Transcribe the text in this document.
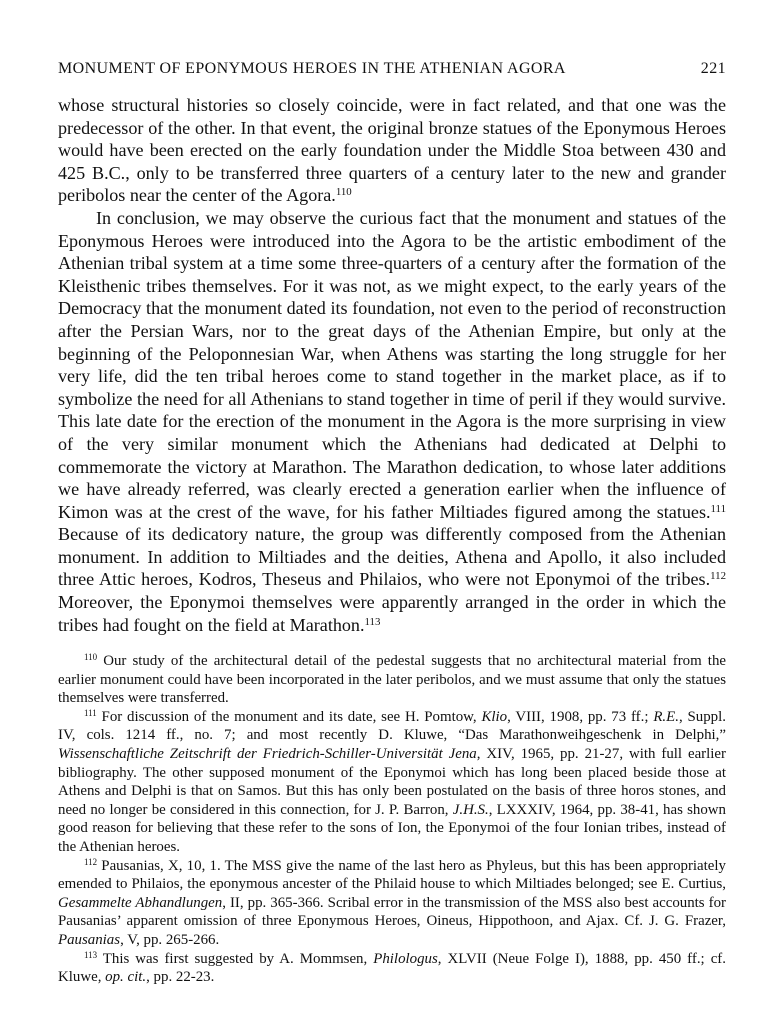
MONUMENT OF EPONYMOUS HEROES IN THE ATHENIAN AGORA	221

whose structural histories so closely coincide, were in fact related, and that one was the predecessor of the other. In that event, the original bronze statues of the Eponymous Heroes would have been erected on the early foundation under the Middle Stoa between 430 and 425 B.C., only to be transferred three quarters of a century later to the new and grander peribolos near the center of the Agora.$^{110}$

In conclusion, we may observe the curious fact that the monument and statues of the Eponymous Heroes were introduced into the Agora to be the artistic embodiment of the Athenian tribal system at a time some three-quarters of a century after the formation of the Kleisthenic tribes themselves. For it was not, as we might expect, to the early years of the Democracy that the monument dated its foundation, not even to the period of reconstruction after the Persian Wars, nor to the great days of the Athenian Empire, but only at the beginning of the Peloponnesian War, when Athens was starting the long struggle for her very life, did the ten tribal heroes come to stand together in the market place, as if to symbolize the need for all Athenians to stand together in time of peril if they would survive. This late date for the erection of the monument in the Agora is the more surprising in view of the very similar monument which the Athenians had dedicated at Delphi to commemorate the victory at Marathon. The Marathon dedication, to whose later additions we have already referred, was clearly erected a generation earlier when the influence of Kimon was at the crest of the wave, for his father Miltiades figured among the statues.$^{111}$ Because of its dedicatory nature, the group was differently composed from the Athenian monument. In addition to Miltiades and the deities, Athena and Apollo, it also included three Attic heroes, Kodros, Theseus and Philaios, who were not Eponymoi of the tribes.$^{112}$ Moreover, the Eponymoi themselves were apparently arranged in the order in which the tribes had fought on the field at Marathon.$^{113}$

$^{110}$ Our study of the architectural detail of the pedestal suggests that no architectural material from the earlier monument could have been incorporated in the later peribolos, and we must assume that only the statues themselves were transferred.

$^{111}$ For discussion of the monument and its date, see H. Pomtow, Klio, VIII, 1908, pp. 73 ff.; R.E., Suppl. IV, cols. 1214 ff., no. 7; and most recently D. Kluwe, “Das Marathonweihgeschenk in Delphi,” Wissenschaftliche Zeitschrift der Friedrich-Schiller-Universität Jena, XIV, 1965, pp. 21-27, with full earlier bibliography. The other supposed monument of the Eponymoi which has long been placed beside those at Athens and Delphi is that on Samos. But this has only been postulated on the basis of three horos stones, and need no longer be considered in this connection, for J. P. Barron, J.H.S., LXXXIV, 1964, pp. 38-41, has shown good reason for believing that these refer to the sons of Ion, the Eponymoi of the four Ionian tribes, instead of the Athenian heroes.

$^{112}$ Pausanias, X, 10, 1. The MSS give the name of the last hero as Phyleus, but this has been appropriately emended to Philaios, the eponymous ancester of the Philaid house to which Miltiades belonged; see E. Curtius, Gesammelte Abhandlungen, II, pp. 365-366. Scribal error in the transmission of the MSS also best accounts for Pausanias’ apparent omission of three Eponymous Heroes, Oineus, Hippothoon, and Ajax. Cf. J. G. Frazer, Pausanias, V, pp. 265-266.

$^{113}$ This was first suggested by A. Mommsen, Philologus, XLVII (Neue Folge I), 1888, pp. 450 ff.; cf. Kluwe, op. cit., pp. 22-23.
